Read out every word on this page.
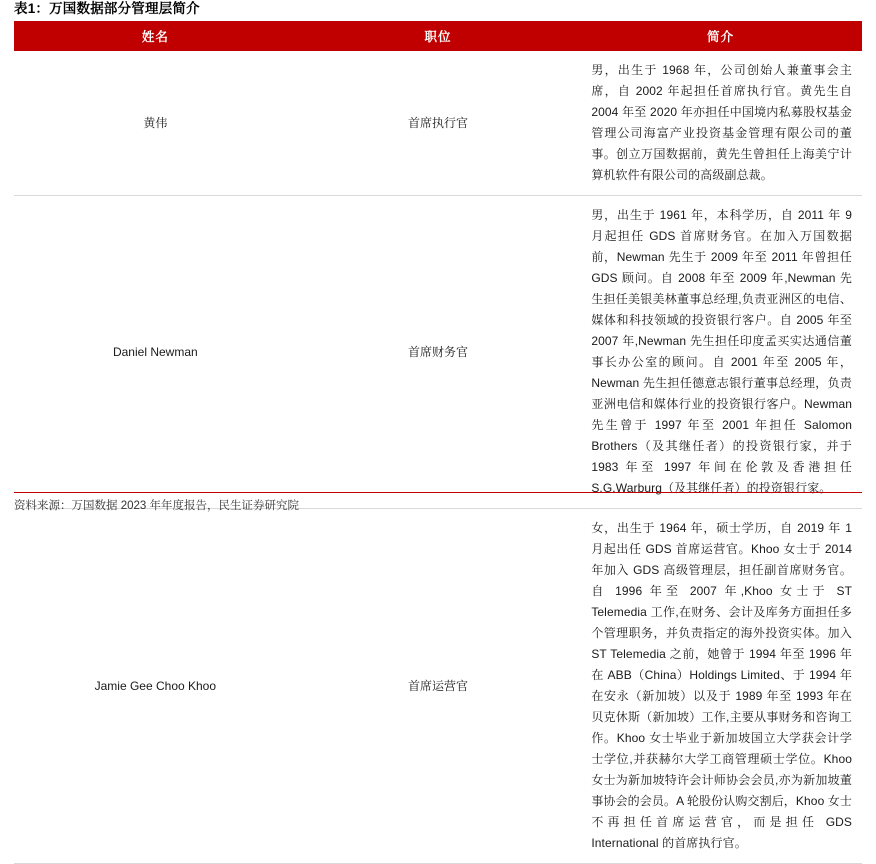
表1：万国数据部分管理层简介
姓名	职位	简介
黄伟	首席执行官	男，出生于 1968 年，公司创始人兼董事会主席，自 2002 年起担任首席执行官。黄先生自 2004 年至 2020 年亦担任中国境内私募股权基金管理公司海富产业投资基金管理有限公司的董事。创立万国数据前，黄先生曾担任上海美宁计算机软件有限公司的高级副总裁。
Daniel Newman	首席财务官	男，出生于 1961 年，本科学历，自 2011 年 9 月起担任 GDS 首席财务官。在加入万国数据前，Newman 先生于 2009 年至 2011 年曾担任 GDS 顾问。自 2008 年至 2009 年,Newman 先生担任美银美林董事总经理,负责亚洲区的电信、媒体和科技领域的投资银行客户。自 2005 年至 2007 年,Newman 先生担任印度孟买实达通信董事长办公室的顾问。自 2001 年至 2005 年，Newman 先生担任德意志银行董事总经理，负责亚洲电信和媒体行业的投资银行客户。Newman 先生曾于 1997 年至 2001 年担任 Salomon Brothers（及其继任者）的投资银行家，并于 1983 年至 1997 年间在伦敦及香港担任 S.G.Warburg（及其继任者）的投资银行家。
Jamie Gee Choo Khoo	首席运营官	女，出生于 1964 年，硕士学历，自 2019 年 1 月起出任 GDS 首席运营官。Khoo 女士于 2014 年加入 GDS 高级管理层，担任副首席财务官。自 1996 年至 2007 年,Khoo 女士于 ST Telemedia 工作,在财务、会计及库务方面担任多个管理职务，并负责指定的海外投资实体。加入 ST Telemedia 之前，她曾于 1994 年至 1996 年在 ABB（China）Holdings Limited、于 1994 年在安永（新加坡）以及于 1989 年至 1993 年在贝克休斯（新加坡）工作,主要从事财务和咨询工作。Khoo 女士毕业于新加坡国立大学获会计学士学位,并获赫尔大学工商管理硕士学位。Khoo 女士为新加坡特许会计师协会会员,亦为新加坡董事协会的会员。A 轮股份认购交割后，Khoo 女士不再担任首席运营官，而是担任 GDS International 的首席执行官。
资料来源：万国数据 2023 年年度报告，民生证券研究院
